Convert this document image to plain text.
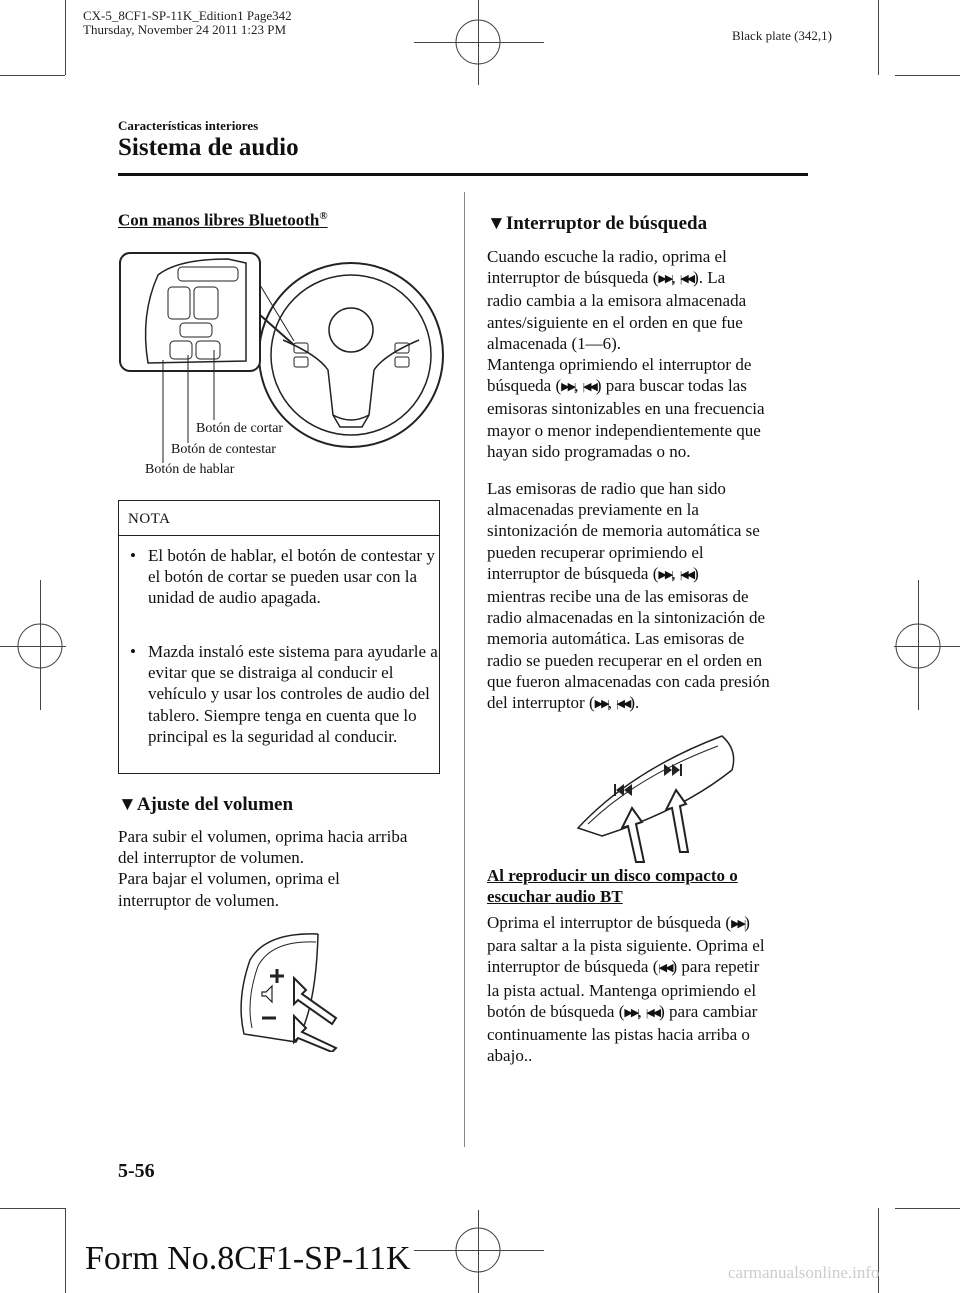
CX-5_8CF1-SP-11K_Edition1 Page342
Thursday, November 24 2011 1:23 PM	Black plate (342,1)
Características interiores
Sistema de audio
Con manos libres Bluetooth®
Botón de cortar
Botón de contestar
Botón de hablar
NOTA
• El botón de hablar, el botón de contestar y el botón de cortar se pueden usar con la unidad de audio apagada.
• Mazda instaló este sistema para ayudarle a evitar que se distraiga al conducir el vehículo y usar los controles de audio del tablero. Siempre tenga en cuenta que lo principal es la seguridad al conducir.
▼Ajuste del volumen
Para subir el volumen, oprima hacia arriba
del interruptor de volumen.
Para bajar el volumen, oprima el
interruptor de volumen.
▼Interruptor de búsqueda
Cuando escuche la radio, oprima el
interruptor de búsqueda (▶▶|, |◀◀). La
radio cambia a la emisora almacenada
antes/siguiente en el orden en que fue
almacenada (1―6).
Mantenga oprimiendo el interruptor de
búsqueda (▶▶|, |◀◀) para buscar todas las
emisoras sintonizables en una frecuencia
mayor o menor independientemente que
hayan sido programadas o no.
Las emisoras de radio que han sido
almacenadas previamente en la
sintonización de memoria automática se
pueden recuperar oprimiendo el
interruptor de búsqueda (▶▶|, |◀◀)
mientras recibe una de las emisoras de
radio almacenadas en la sintonización de
memoria automática. Las emisoras de
radio se pueden recuperar en el orden en
que fueron almacenadas con cada presión
del interruptor (▶▶|, |◀◀).
Al reproducir un disco compacto o
escuchar audio BT
Oprima el interruptor de búsqueda (▶▶|)
para saltar a la pista siguiente. Oprima el
interruptor de búsqueda (|◀◀) para repetir
la pista actual. Mantenga oprimiendo el
botón de búsqueda (▶▶|, |◀◀) para cambiar
continuamente las pistas hacia arriba o
abajo..
5-56
Form No.8CF1-SP-11K	carmanualsonline.info
